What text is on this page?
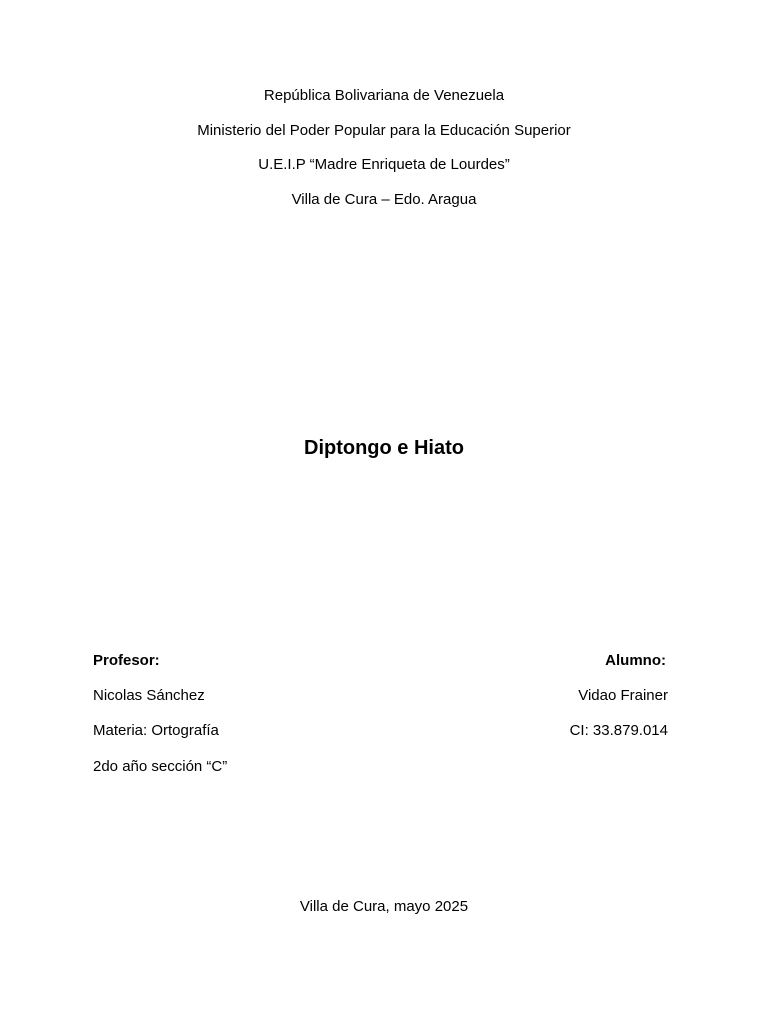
República Bolivariana de Venezuela
Ministerio del Poder Popular para la Educación Superior
U.E.I.P “Madre Enriqueta de Lourdes”
Villa de Cura – Edo. Aragua
Diptongo e Hiato
Profesor:
Nicolas Sánchez
Materia: Ortografía
2do año sección “C”
Alumno:
Vidao Frainer
CI: 33.879.014
Villa de Cura, mayo 2025
